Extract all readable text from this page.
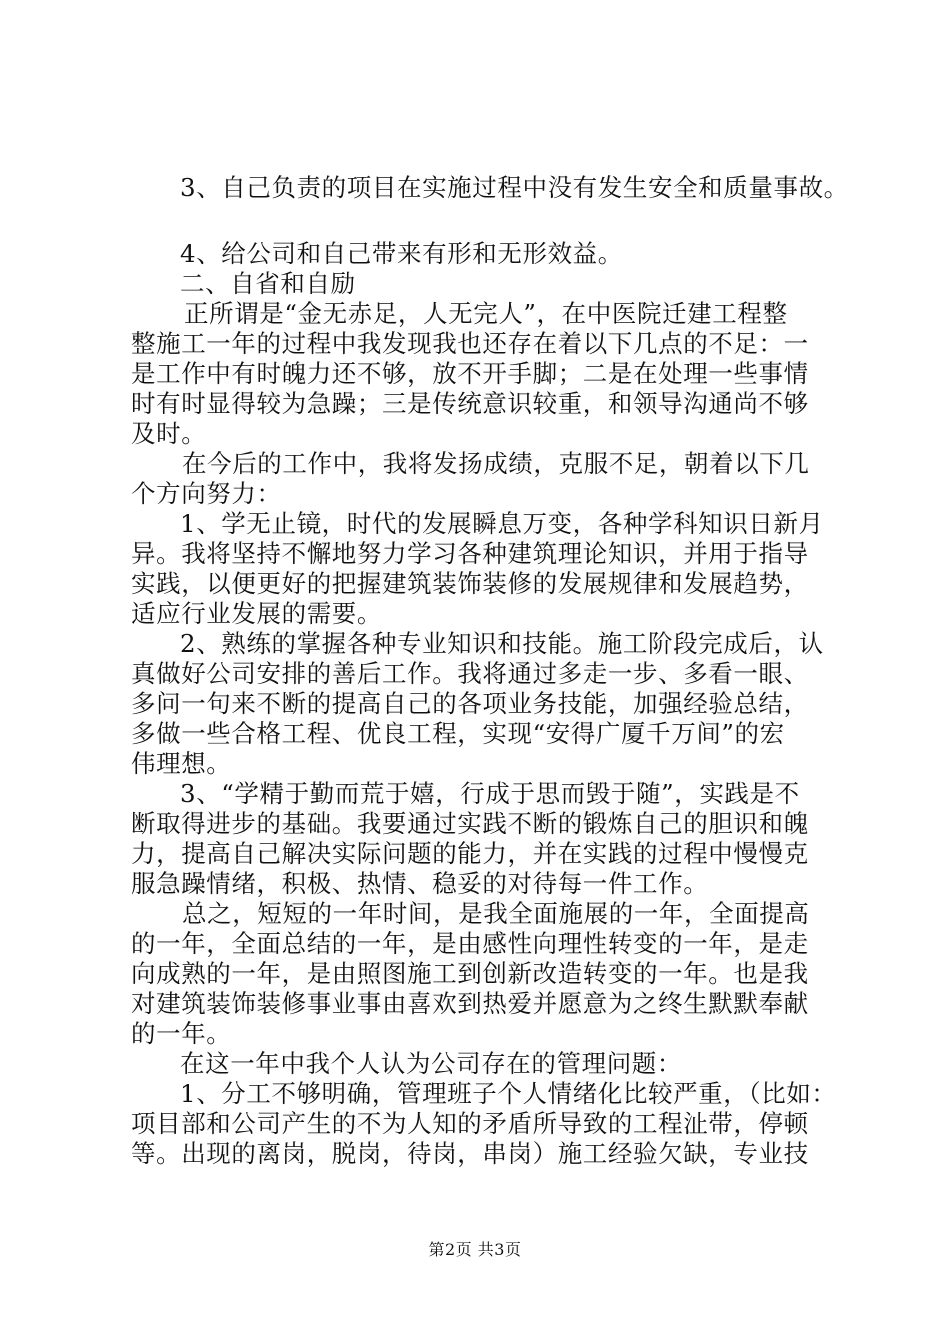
3、自己负责的项目在实施过程中没有发生安全和质量事故。
4、给公司和自己带来有形和无形效益。
二、自省和自励
正所谓是“金无赤足，人无完人”，在中医院迁建工程整
整施工一年的过程中我发现我也还存在着以下几点的不足：一
是工作中有时魄力还不够，放不开手脚；二是在处理一些事情
时有时显得较为急躁；三是传统意识较重，和领导沟通尚不够
及时。
在今后的工作中，我将发扬成绩，克服不足，朝着以下几
个方向努力：
1、学无止镜，时代的发展瞬息万变，各种学科知识日新月
异。我将坚持不懈地努力学习各种建筑理论知识，并用于指导
实践，以便更好的把握建筑装饰装修的发展规律和发展趋势，
适应行业发展的需要。
2、熟练的掌握各种专业知识和技能。施工阶段完成后，认
真做好公司安排的善后工作。我将通过多走一步、多看一眼、
多问一句来不断的提高自己的各项业务技能，加强经验总结，
多做一些合格工程、优良工程，实现“安得广厦千万间”的宏
伟理想。
3、“学精于勤而荒于嬉，行成于思而毁于随”，实践是不
断取得进步的基础。我要通过实践不断的锻炼自己的胆识和魄
力，提高自己解决实际问题的能力，并在实践的过程中慢慢克
服急躁情绪，积极、热情、稳妥的对待每一件工作。
总之，短短的一年时间，是我全面施展的一年，全面提高
的一年，全面总结的一年，是由感性向理性转变的一年，是走
向成熟的一年，是由照图施工到创新改造转变的一年。也是我
对建筑装饰装修事业事由喜欢到热爱并愿意为之终生默默奉献
的一年。
在这一年中我个人认为公司存在的管理问题：
1、分工不够明确，管理班子个人情绪化比较严重，（比如：
项目部和公司产生的不为人知的矛盾所导致的工程沚带，停顿
等。出现的离岗，脱岗，待岗，串岗）施工经验欠缺，专业技
第2页 共3页
